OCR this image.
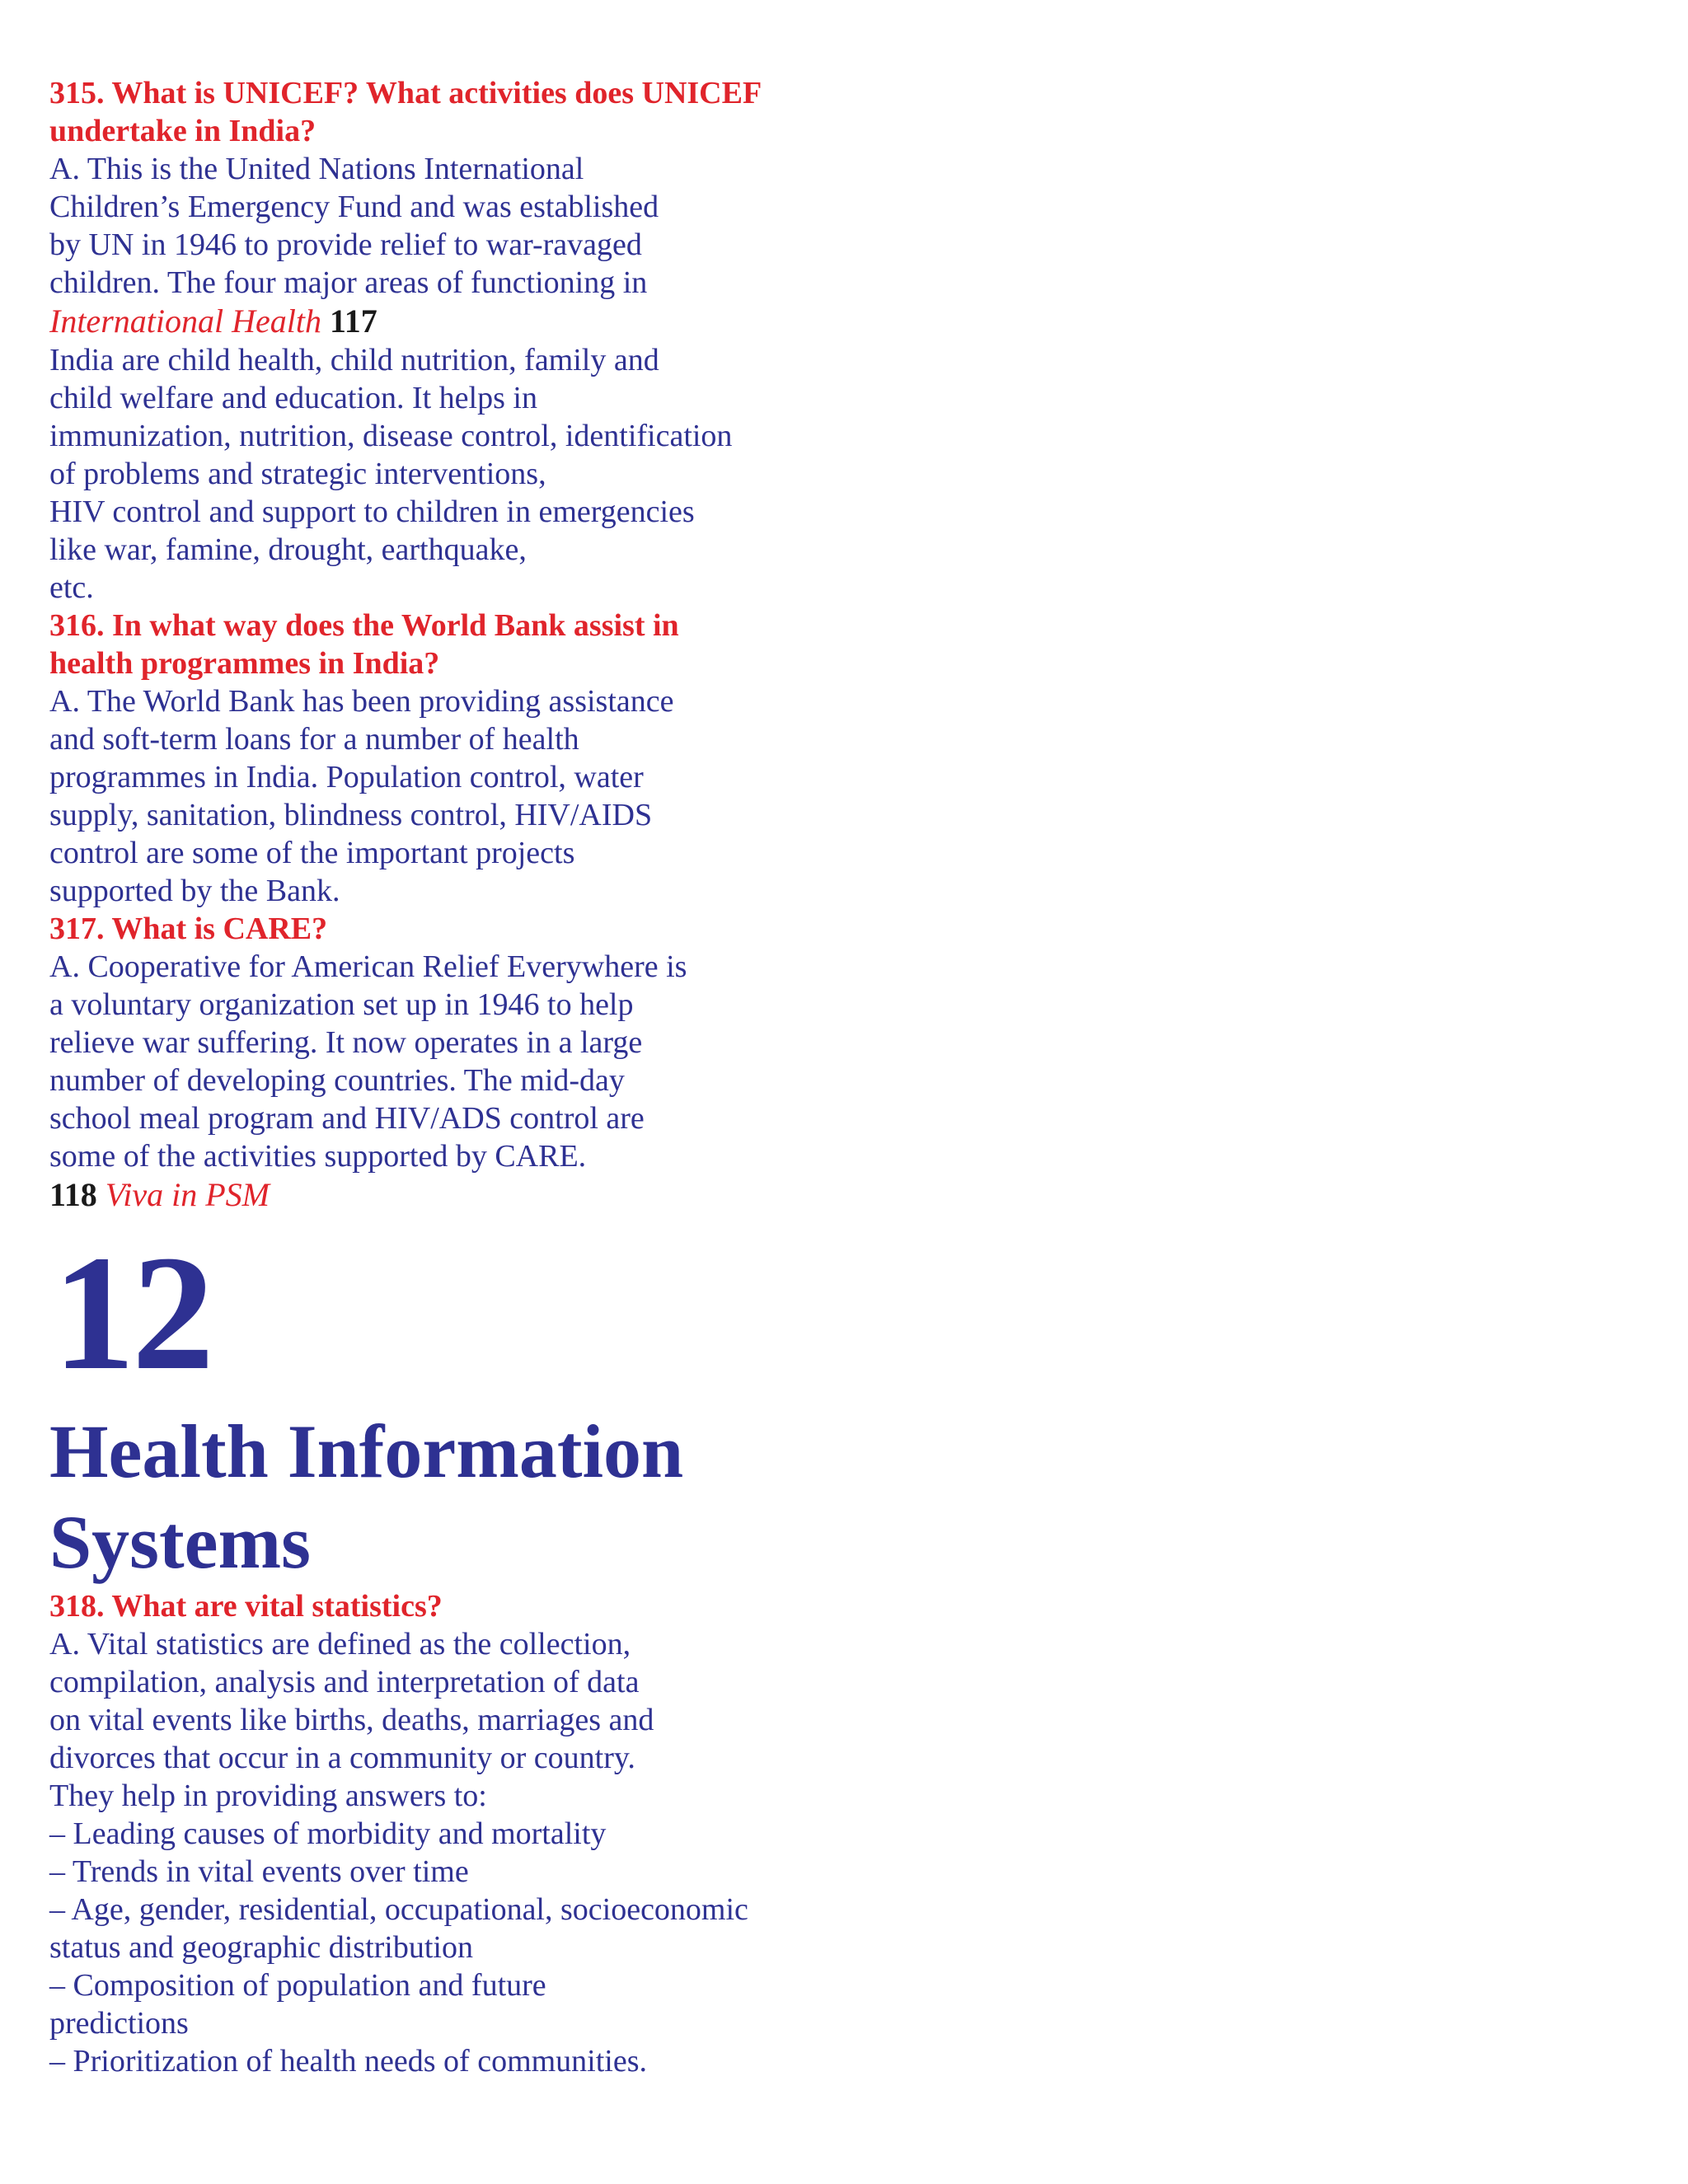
315. What is UNICEF? What activities does UNICEF
undertake in India?
A. This is the United Nations International
Children’s Emergency Fund and was established
by UN in 1946 to provide relief to war-ravaged
children. The four major areas of functioning in
International Health 117
India are child health, child nutrition, family and
child welfare and education. It helps in
immunization, nutrition, disease control, identification
of problems and strategic interventions,
HIV control and support to children in emergencies
like war, famine, drought, earthquake,
etc.
316. In what way does the World Bank assist in
health programmes in India?
A. The World Bank has been providing assistance
and soft-term loans for a number of health
programmes in India. Population control, water
supply, sanitation, blindness control, HIV/AIDS
control are some of the important projects
supported by the Bank.
317. What is CARE?
A. Cooperative for American Relief Everywhere is
a voluntary organization set up in 1946 to help
relieve war suffering. It now operates in a large
number of developing countries. The mid-day
school meal program and HIV/ADS control are
some of the activities supported by CARE.
118 Viva in PSM
12
Health Information
Systems
318. What are vital statistics?
A. Vital statistics are defined as the collection,
compilation, analysis and interpretation of data
on vital events like births, deaths, marriages and
divorces that occur in a community or country.
They help in providing answers to:
– Leading causes of morbidity and mortality
– Trends in vital events over time
– Age, gender, residential, occupational, socioeconomic
status and geographic distribution
– Composition of population and future
predictions
– Prioritization of health needs of communities.
